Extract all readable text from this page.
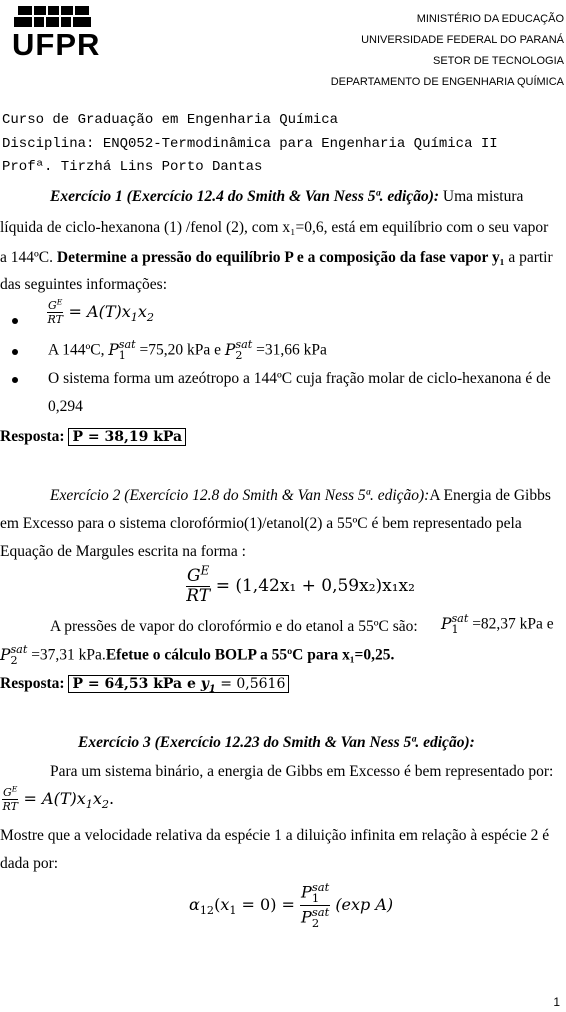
UFPR
MINISTÉRIO DA EDUCAÇÃO
UNIVERSIDADE FEDERAL DO PARANÁ
SETOR DE TECNOLOGIA
DEPARTAMENTO DE ENGENHARIA QUÍMICA
Curso de Graduação em Engenharia Química
Disciplina: ENQ052-Termodinâmica para Engenharia Química II
Profª. Tirzhá Lins Porto Dantas
Exercício 1 (Exercício 12.4 do Smith & Van Ness 5ª. edição): Uma mistura
líquida de ciclo-hexanona (1) /fenol (2), com x₁=0,6, está em equilíbrio com o seu vapor
a 144ºC. Determine a pressão do equilíbrio P e a composição da fase vapor y₁ a partir
das seguintes informações:
$\frac{G^E}{RT} = A(T)x_1x_2$
A 144ºC, P sat
1 =75,20 kPa e P sat
2 =31,66 kPa
O sistema forma um azeótropo a 144ºC cuja fração molar de ciclo-hexanona é de
0,294
Resposta: P = 38,19 kPa
Exercício 2 (Exercício 12.8 do Smith & Van Ness 5ª. edição):A Energia de Gibbs
em Excesso para o sistema clorofórmio(1)/etanol(2) a 55ºC é bem representado pela
Equação de Margules escrita na forma :
$\frac{G^E}{RT} = (1,42x_1 + 0,59x_2)x_1x_2$
A pressões de vapor do clorofórmio e do etanol a 55ºC são: P sat
1 =82,37 kPa e
P sat
2 =37,31 kPa.Efetue o cálculo BOLP a 55ºC para x₁=0,25.
Resposta: P = 64,53 kPa e $y_1 = 0,5616$
Exercício 3 (Exercício 12.23 do Smith & Van Ness 5ª. edição):
Para um sistema binário, a energia de Gibbs em Excesso é bem representado por:
$\frac{G^E}{RT} = A(T)x_1x_2$.
Mostre que a velocidade relativa da espécie 1 a diluição infinita em relação à espécie 2 é
dada por:
$\alpha_{12}(x_1 = 0) = P$ sat
1
P sat
2 (exp A)
1
